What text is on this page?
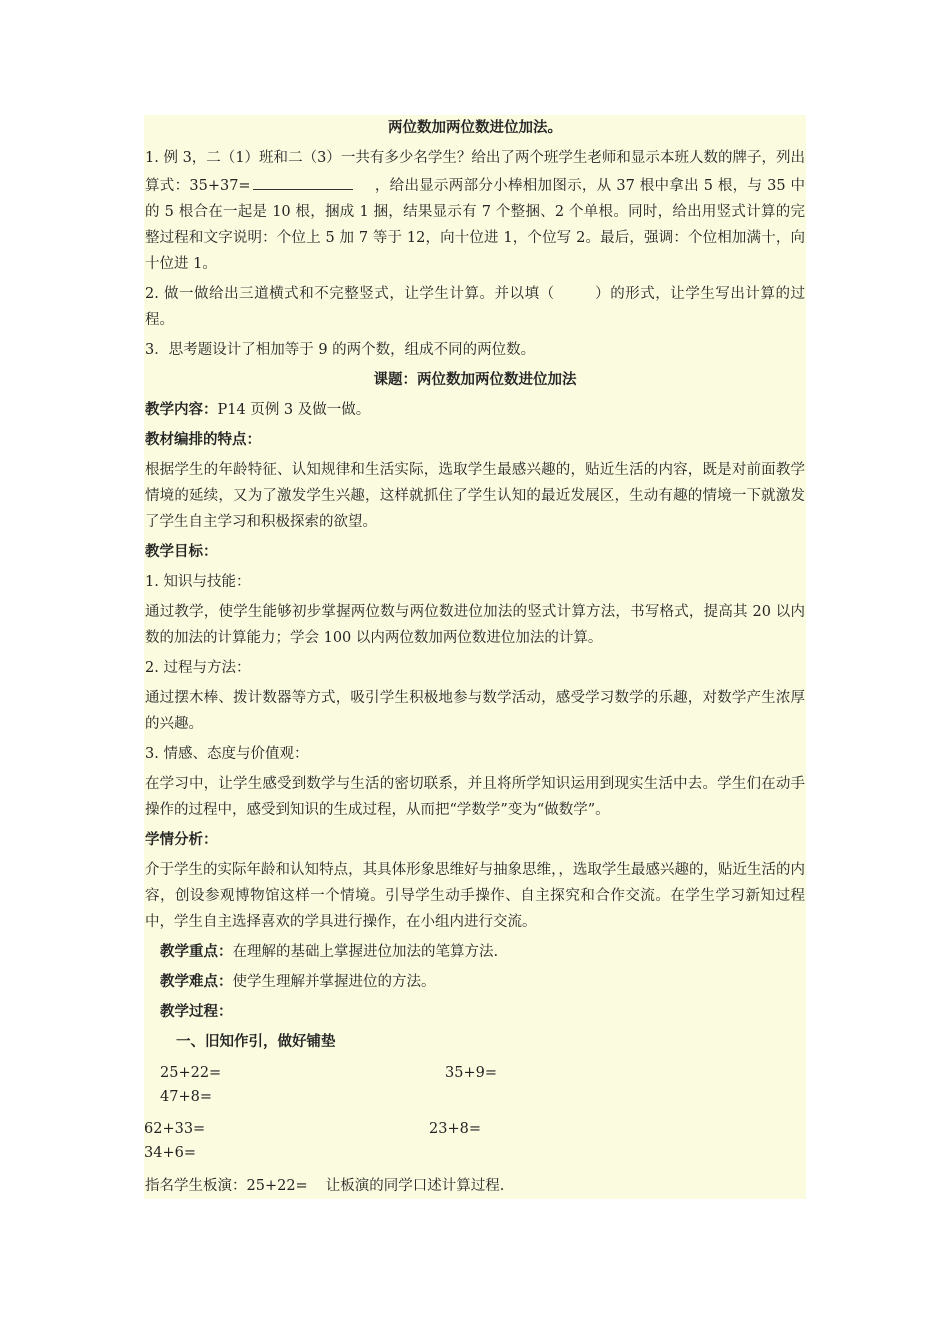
两位数加两位数进位加法。

1. 例 3，二（1）班和二（3）一共有多少名学生？给出了两个班学生老师和显示本班人数的牌子，列出算式：35+37=	，给出显示两部分小棒相加图示，从 37 根中拿出 5 根，与 35 中的 5 根合在一起是 10 根，捆成 1 捆，结果显示有 7 个整捆、2 个单根。同时，给出用竖式计算的完整过程和文字说明：个位上 5 加 7 等于 12，向十位进 1，个位写 2。最后，强调：个位相加满十，向十位进 1。

2. 做一做给出三道横式和不完整竖式，让学生计算。并以填（	）的形式，让学生写出计算的过程。

3．思考题设计了相加等于 9 的两个数，组成不同的两位数。

课题：两位数加两位数进位加法

教学内容：P14 页例 3 及做一做。

教材编排的特点：

根据学生的年龄特征、认知规律和生活实际，选取学生最感兴趣的，贴近生活的内容，既是对前面教学情境的延续，又为了激发学生兴趣，这样就抓住了学生认知的最近发展区，生动有趣的情境一下就激发了学生自主学习和积极探索的欲望。

教学目标：

1. 知识与技能：

通过教学，使学生能够初步掌握两位数与两位数进位加法的竖式计算方法，书写格式，提高其 20 以内数的加法的计算能力；学会 100 以内两位数加两位数进位加法的计算。

2. 过程与方法：

通过摆木棒、拨计数器等方式，吸引学生积极地参与数学活动，感受学习数学的乐趣，对数学产生浓厚的兴趣。

3. 情感、态度与价值观：

在学习中，让学生感受到数学与生活的密切联系，并且将所学知识运用到现实生活中去。学生们在动手操作的过程中，感受到知识的生成过程，从而把“学数学”变为“做数学”。

学情分析：

介于学生的实际年龄和认知特点，其具体形象思维好与抽象思维，，选取学生最感兴趣的，贴近生活的内容，创设参观博物馆这样一个情境。引导学生动手操作、自主探究和合作交流。在学生学习新知过程中，学生自主选择喜欢的学具进行操作，在小组内进行交流。

教学重点：在理解的基础上掌握进位加法的笔算方法.

教学难点：使学生理解并掌握进位的方法。

教学过程：

一、旧知作引，做好铺垫

25+22=	35+9=
47+8=
62+33=	23+8=
34+6=

指名学生板演：25+22= 让板演的同学口述计算过程.
